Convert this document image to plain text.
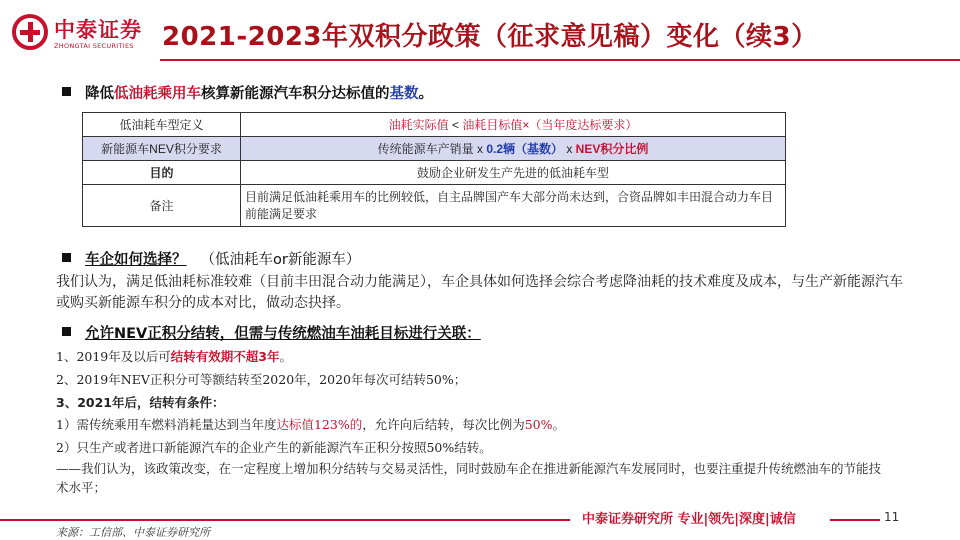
中泰证券
ZHONGTAI SECURITIES 2021-2023年双积分政策（征求意见稿）变化（续3）
降低低油耗乘用车核算新能源汽车积分达标值的基数。
低油耗车型定义	油耗实际值 < 油耗目标值×（当年度达标要求）
新能源车NEV积分要求	传统能源车产销量 x 0.2辆（基数） x NEV积分比例
目的	鼓励企业研发生产先进的低油耗车型
备注	目前满足低油耗乘用车的比例较低，自主品牌国产车大部分尚未达到，合资品牌如丰田混合动力车目前能满足要求
车企如何选择？ （低油耗车or新能源车）
我们认为，满足低油耗标准较难（目前丰田混合动力能满足），车企具体如何选择会综合考虑降油耗的技术难度及成本，与生产新能源汽车或购买新能源车积分的成本对比，做动态抉择。
允许NEV正积分结转，但需与传统燃油车油耗目标进行关联：
1、2019年及以后可结转有效期不超3年。
2、2019年NEV正积分可等额结转至2020年，2020年每次可结转50%；
3、2021年后，结转有条件：
1）需传统乘用车燃料消耗量达到当年度达标值123%的，允许向后结转，每次比例为50%。
2）只生产或者进口新能源汽车的企业产生的新能源汽车正积分按照50%结转。
——我们认为，该政策改变，在一定程度上增加积分结转与交易灵活性，同时鼓励车企在推进新能源汽车发展同时，也要注重提升传统燃油车的节能技术水平；
中泰证券研究所 专业|领先|深度|诚信	11
来源：工信部、中泰证券研究所
